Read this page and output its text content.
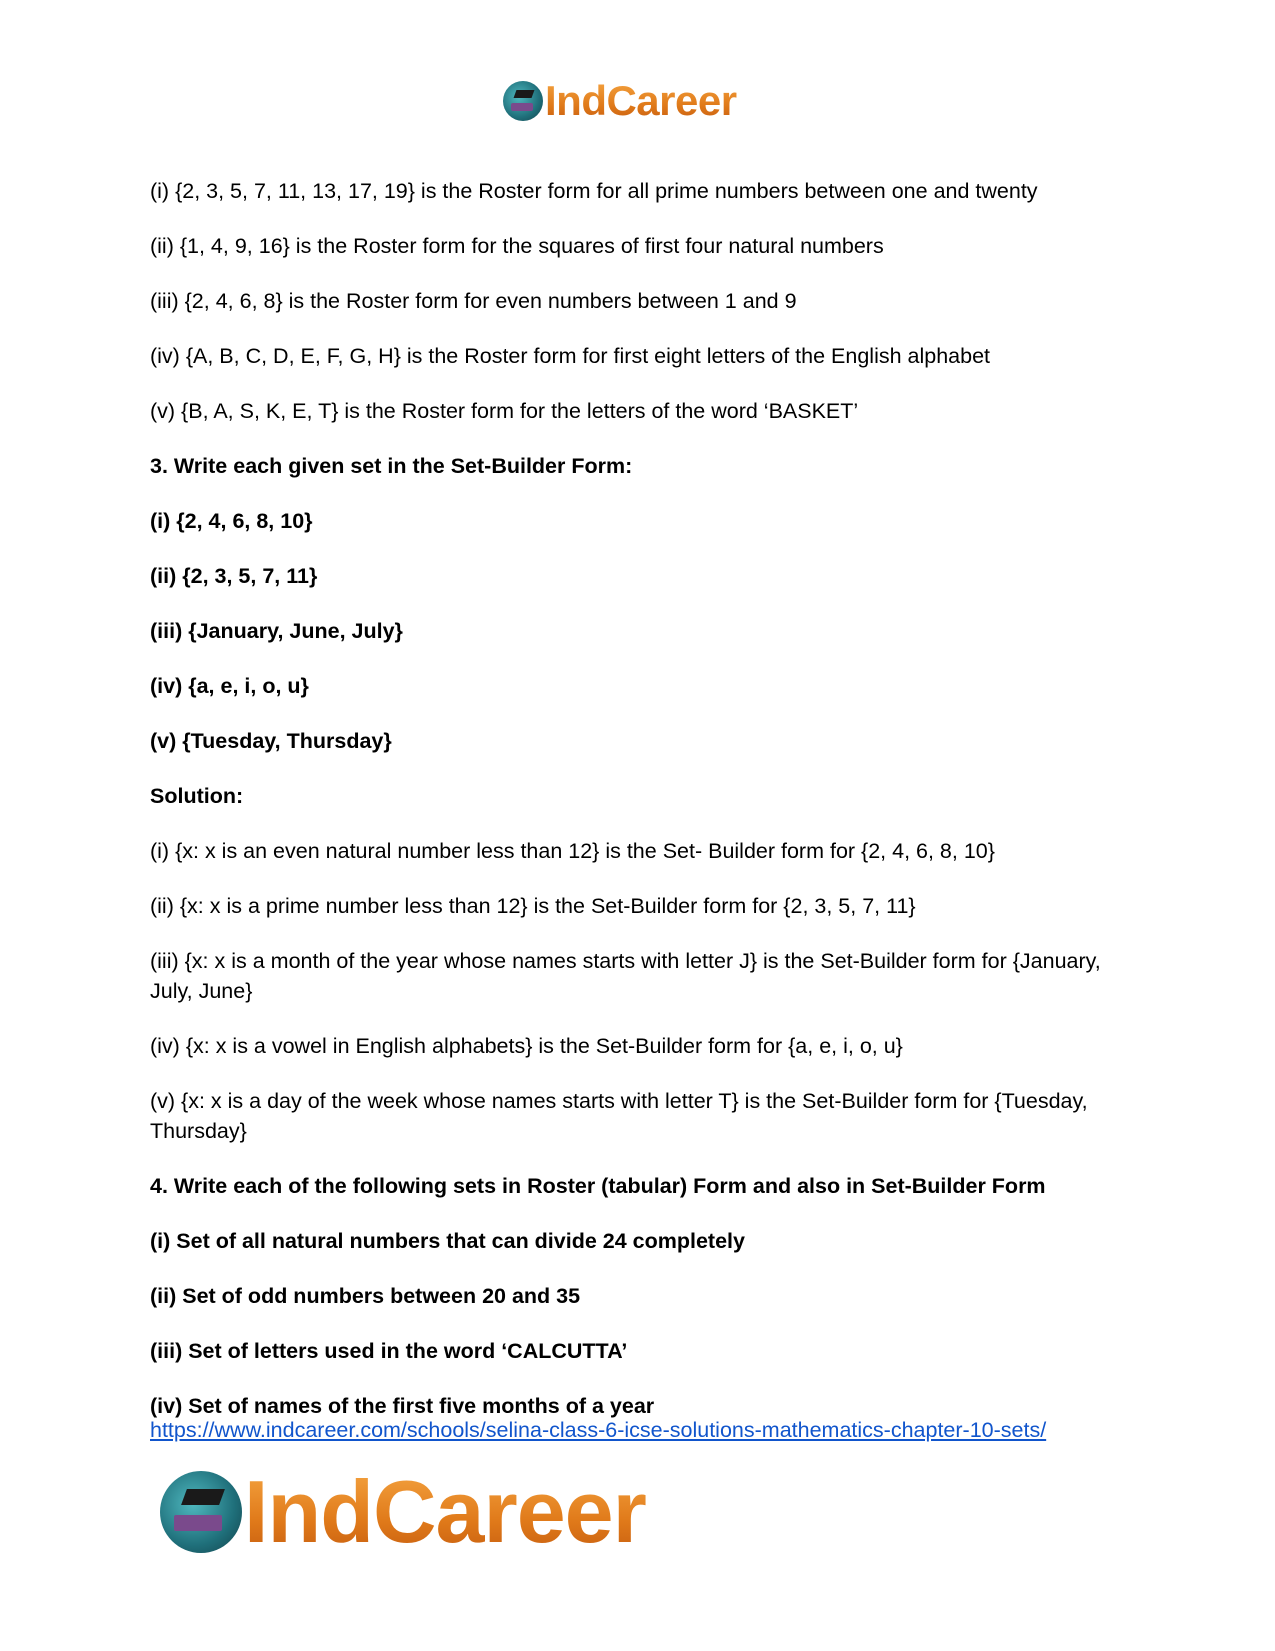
IndCareer

(i) {2, 3, 5, 7, 11, 13, 17, 19} is the Roster form for all prime numbers between one and twenty

(ii) {1, 4, 9, 16} is the Roster form for the squares of first four natural numbers

(iii) {2, 4, 6, 8} is the Roster form for even numbers between 1 and 9

(iv) {A, B, C, D, E, F, G, H} is the Roster form for first eight letters of the English alphabet

(v) {B, A, S, K, E, T} is the Roster form for the letters of the word ‘BASKET’

3. Write each given set in the Set-Builder Form:

(i) {2, 4, 6, 8, 10}

(ii) {2, 3, 5, 7, 11}

(iii) {January, June, July}

(iv) {a, e, i, o, u}

(v) {Tuesday, Thursday}

Solution:

(i) {x: x is an even natural number less than 12} is the Set- Builder form for {2, 4, 6, 8, 10}

(ii) {x: x is a prime number less than 12} is the Set-Builder form for {2, 3, 5, 7, 11}

(iii) {x: x is a month of the year whose names starts with letter J} is the Set-Builder form for {January, July, June}

(iv) {x: x is a vowel in English alphabets} is the Set-Builder form for {a, e, i, o, u}

(v) {x: x is a day of the week whose names starts with letter T} is the Set-Builder form for {Tuesday, Thursday}

4. Write each of the following sets in Roster (tabular) Form and also in Set-Builder Form

(i) Set of all natural numbers that can divide 24 completely

(ii) Set of odd numbers between 20 and 35

(iii) Set of letters used in the word ‘CALCUTTA’

(iv) Set of names of the first five months of a year

https://www.indcareer.com/schools/selina-class-6-icse-solutions-mathematics-chapter-10-sets/
IndCareer
